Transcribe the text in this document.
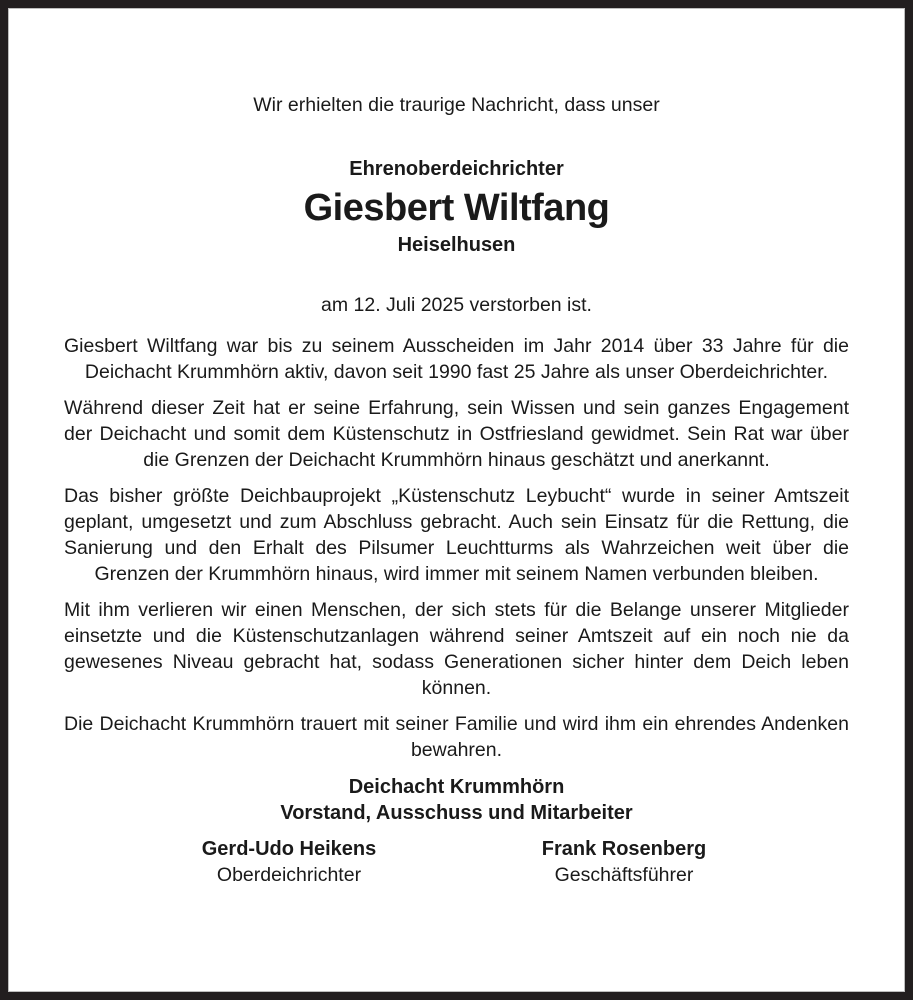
Wir erhielten die traurige Nachricht, dass unser

Ehrenoberdeichrichter

Giesbert Wiltfang

Heiselhusen

am 12. Juli 2025 verstorben ist.

Giesbert Wiltfang war bis zu seinem Ausscheiden im Jahr 2014 über 33 Jahre für die Deichacht Krummhörn aktiv, davon seit 1990 fast 25 Jahre als unser Oberdeichrichter.

Während dieser Zeit hat er seine Erfahrung, sein Wissen und sein ganzes Engagement der Deichacht und somit dem Küstenschutz in Ostfriesland gewidmet. Sein Rat war über die Grenzen der Deichacht Krummhörn hinaus geschätzt und anerkannt.

Das bisher größte Deichbauprojekt „Küstenschutz Leybucht“ wurde in seiner Amtszeit geplant, umgesetzt und zum Abschluss gebracht. Auch sein Einsatz für die Rettung, die Sanierung und den Erhalt des Pilsumer Leuchtturms als Wahrzeichen weit über die Grenzen der Krummhörn hinaus, wird immer mit seinem Namen verbunden bleiben.

Mit ihm verlieren wir einen Menschen, der sich stets für die Belange unserer Mitglieder einsetzte und die Küstenschutzanlagen während seiner Amtszeit auf ein noch nie da gewesenes Niveau gebracht hat, sodass Generationen sicher hinter dem Deich leben können.

Die Deichacht Krummhörn trauert mit seiner Familie und wird ihm ein ehrendes Andenken bewahren.

Deichacht Krummhörn

Vorstand, Ausschuss und Mitarbeiter

Gerd-Udo Heikens
Oberdeichrichter
Frank Rosenberg
Geschäftsführer
